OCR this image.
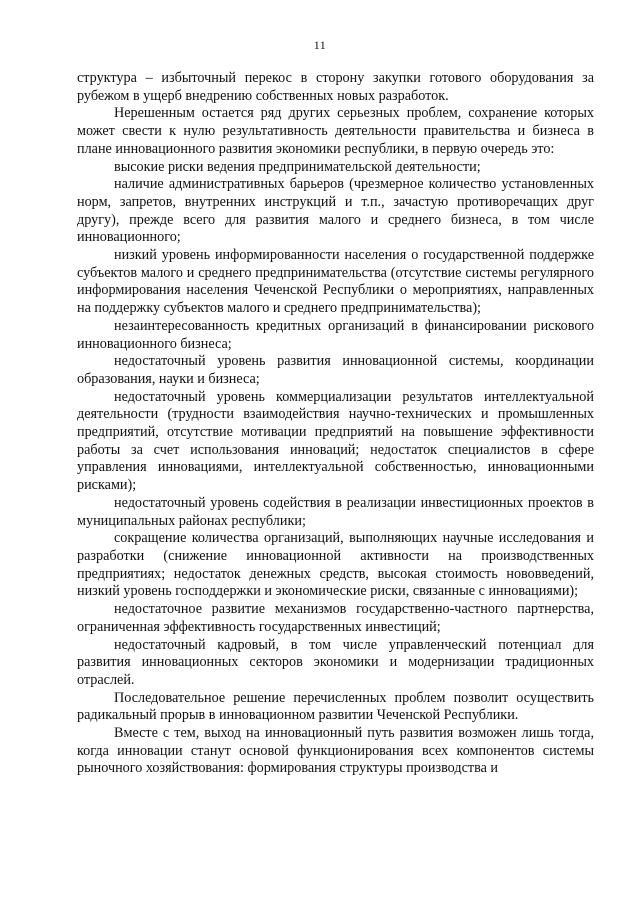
11

структура – избыточный перекос в сторону закупки готового оборудования за рубежом в ущерб внедрению собственных новых разработок.

Нерешенным остается ряд других серьезных проблем, сохранение которых может свести к нулю результативность деятельности правительства и бизнеса в плане инновационного развития экономики республики, в первую очередь это:

высокие риски ведения предпринимательской деятельности;

наличие административных барьеров (чрезмерное количество установленных норм, запретов, внутренних инструкций и т.п., зачастую противоречащих друг другу), прежде всего для развития малого и среднего бизнеса, в том числе инновационного;

низкий уровень информированности населения о государственной поддержке субъектов малого и среднего предпринимательства (отсутствие системы регулярного информирования населения Чеченской Республики о мероприятиях, направленных на поддержку субъектов малого и среднего предпринимательства);

незаинтересованность кредитных организаций в финансировании рискового инновационного бизнеса;

недостаточный уровень развития инновационной системы, координации образования, науки и бизнеса;

недостаточный уровень коммерциализации результатов интеллектуальной деятельности (трудности взаимодействия научно-технических и промышленных предприятий, отсутствие мотивации предприятий на повышение эффективности работы за счет использования инноваций; недостаток специалистов в сфере управления инновациями, интеллектуальной собственностью, инновационными рисками);

недостаточный уровень содействия в реализации инвестиционных проектов в муниципальных районах республики;

сокращение количества организаций, выполняющих научные исследования и разработки (снижение инновационной активности на производственных предприятиях; недостаток денежных средств, высокая стоимость нововведений, низкий уровень господдержки и экономические риски, связанные с инновациями);

недостаточное развитие механизмов государственно-частного партнерства, ограниченная эффективность государственных инвестиций;

недостаточный кадровый, в том числе управленческий потенциал для развития инновационных секторов экономики и модернизации традиционных отраслей.

Последовательное решение перечисленных проблем позволит осуществить радикальный прорыв в инновационном развитии Чеченской Республики.

Вместе с тем, выход на инновационный путь развития возможен лишь тогда, когда инновации станут основой функционирования всех компонентов системы рыночного хозяйствования: формирования структуры производства и
